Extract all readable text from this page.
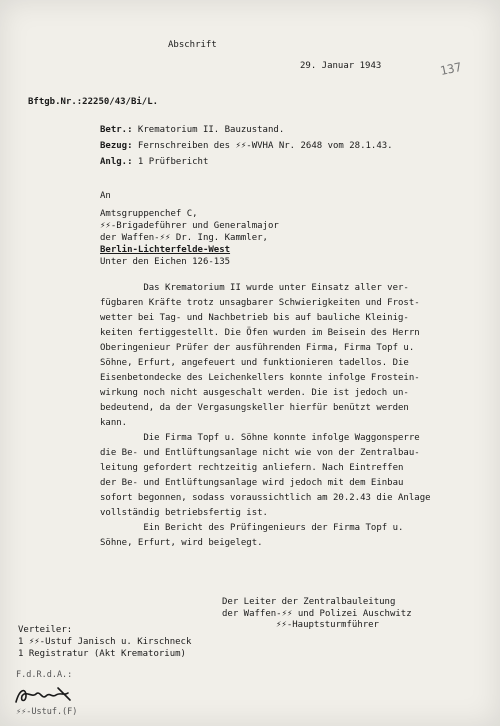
Abschrift
29. Januar 1943	137
Bftgb.Nr.:22250/43/Bi/L.
Betr.: Krematorium II. Bauzustand.
Bezug: Fernschreiben des ⚡⚡-WVHA Nr. 2648 vom 28.1.43.
Anlg.: 1 Prüfbericht
An
Amtsgruppenchef C,
⚡⚡-Brigadeführer und Generalmajor
der Waffen-⚡⚡ Dr. Ing. Kammler,
Berlin-Lichterfelde-West
Unter den Eichen 126-135
Das Krematorium II wurde unter Einsatz aller ver-
fügbaren Kräfte trotz unsagbarer Schwierigkeiten und Frost-
wetter bei Tag- und Nachbetrieb bis auf bauliche Kleinig-
keiten fertiggestellt. Die Öfen wurden im Beisein des Herrn
Oberingenieur Prüfer der ausführenden Firma, Firma Topf u.
Söhne, Erfurt, angefeuert und funktionieren tadellos. Die
Eisenbetondecke des Leichenkellers konnte infolge Frostein-
wirkung noch nicht ausgeschalt werden. Die ist jedoch un-
bedeutend, da der Vergasungskeller hierfür benützt werden
kann.
Die Firma Topf u. Söhne konnte infolge Waggonsperre
die Be- und Entlüftungsanlage nicht wie von der Zentralbau-
leitung gefordert rechtzeitig anliefern. Nach Eintreffen
der Be- und Entlüftungsanlage wird jedoch mit dem Einbau
sofort begonnen, sodass voraussichtlich am 20.2.43 die Anlage
vollständig betriebsfertig ist.
Ein Bericht des Prüfingenieurs der Firma Topf u.
Söhne, Erfurt, wird beigelegt.
Der Leiter der Zentralbauleitung
der Waffen-⚡⚡ und Polizei Auschwitz
⚡⚡-Hauptsturmführer
Verteiler:
1 ⚡⚡-Ustuf Janisch u. Kirschneck
1 Registratur (Akt Krematorium)
F.d.R.d.A.:
⚡⚡-Ustuf.(F)
